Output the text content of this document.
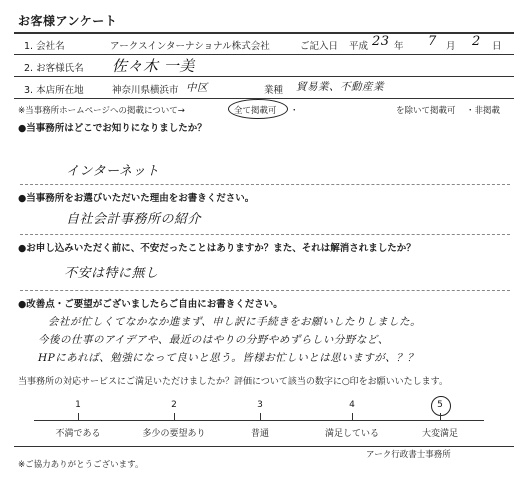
お客様アンケート
1. 会社名	アークスインターナショナル株式会社	ご記入日 平成 23 年 7 月 2 日
2. お客様氏名 佐々木 一美
3. 本店所在地	神奈川県横浜市 中区	業種 貿易業、不動産業
※当事務所ホームページへの掲載について→	全て掲載可 ・	を除いて掲載可 ・非掲載
●当事務所はどこでお知りになりましたか？
インターネット
●当事務所をお選びいただいた理由をお書きください。
自社会計事務所の紹介
●お申し込みいただく前に、不安だったことはありますか？また、それは解消されましたか？
不安は特に無し
●改善点・ご要望がございましたらご自由にお書きください。
会社が忙しくてなかなか進まず、申し訳に手続きをお願いしたりしました。
今後の仕事のアイデアや、最近のはやりの分野やめずらしい分野など、
HPにあれば、勉強になって良いと思う。皆様お忙しいとは思いますが、？？
当事務所の対応サービスにご満足いただけましたか？評価について該当の数字に○印をお願いいたします。
1
不満である
2
多少の要望あり
3
普通
4
満足している
5
大変満足
※ご協力ありがとうございます。
アーク行政書士事務所
